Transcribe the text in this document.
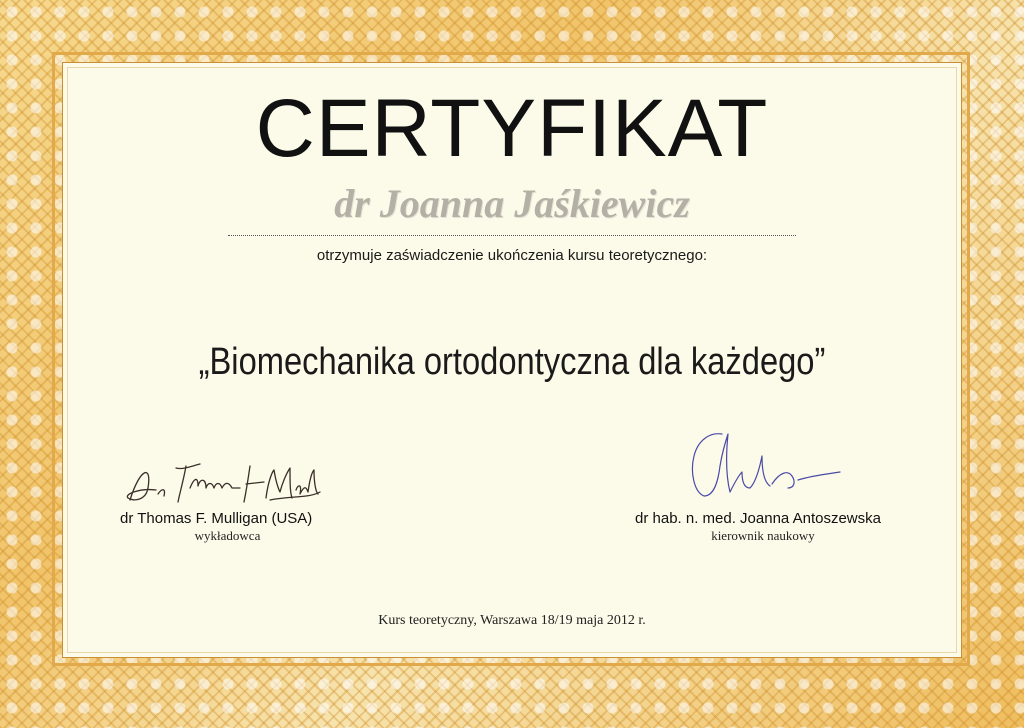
CERTYFIKAT
dr Joanna Jaśkiewicz
otrzymuje zaświadczenie ukończenia kursu teoretycznego:
„Biomechanika ortodontyczna dla każdego”
dr Thomas F. Mulligan (USA)
wykładowca
dr hab. n. med. Joanna Antoszewska
kierownik naukowy
Kurs teoretyczny, Warszawa 18/19 maja 2012 r.
